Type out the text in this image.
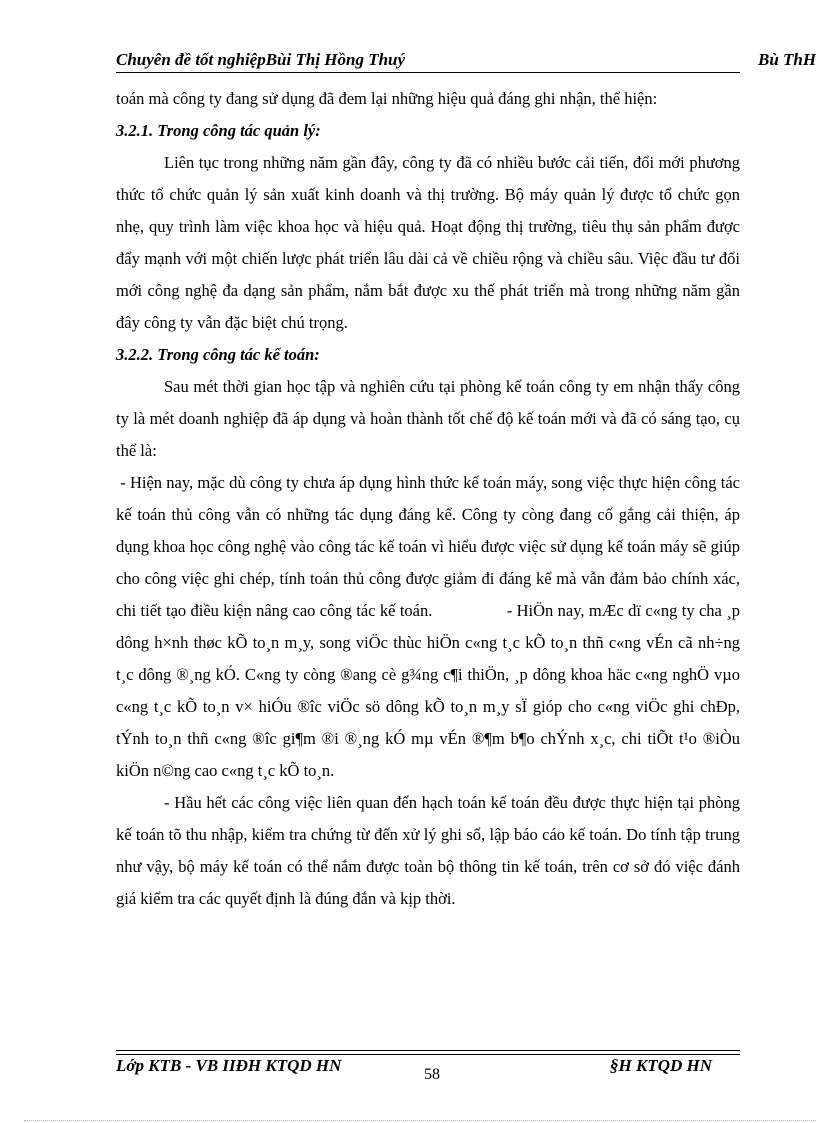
Chuyên đề tốt nghiệpBùi Thị Hồng Thuý	Bù ThH

toán mà công ty đang sử dụng đã đem lại những hiệu quả đáng ghi nhận, thể hiện:

3.2.1. Trong công tác quản lý:

Liên tục trong những năm gần đây, công ty đã có nhiều bước cải tiến, đổi mới phương thức tổ chức quản lý sản xuất kinh doanh và thị trường. Bộ máy quản lý được tổ chức gọn nhẹ, quy trình làm việc khoa học và hiệu quả. Hoạt động thị trường, tiêu thụ sản phẩm được đẩy mạnh với một chiến lược phát triển lâu dài cả về chiều rộng và chiều sâu. Việc đầu tư đổi mới công nghệ đa dạng sản phẩm, nắm bắt được xu thế phát triển mà trong những năm gần đây công ty vẫn đặc biệt chú trọng.

3.2.2. Trong công tác kế toán:

Sau mét thời gian học tập và nghiên cứu tại phòng kế toán công ty em nhận thấy công ty là mét doanh nghiệp đã áp dụng và hoàn thành tốt chế độ kế toán mới và đã có sáng tạo, cụ thể là:

- Hiện nay, mặc dù công ty chưa áp dụng hình thức kế toán máy, song việc thực hiện công tác kế toán thủ công vẫn có những tác dụng đáng kể. Công ty còng đang cố gắng cải thiện, áp dụng khoa học công nghệ vào công tác kế toán vì hiểu được việc sử dụng kế toán máy sẽ giúp cho công việc ghi chép, tính toán thủ công được giảm đi đáng kể mà vẫn đảm bảo chính xác, chi tiết tạo điều kiện nâng cao công tác kế toán.                 - HiÖn nay, mÆc dï c«ng ty cha ¸p dông h×nh thøc kÕ to¸n m¸y, song viÖc thùc hiÖn c«ng t¸c kÕ to¸n thñ c«ng vÉn cã nh÷ng t¸c dông ®¸ng kÓ. C«ng ty còng ®ang cè g¾ng c¶i thiÖn, ¸p dông khoa häc c«ng nghÖ vµo c«ng t¸c kÕ to¸n v× hiÓu ®îc viÖc sö dông kÕ to¸n m¸y sÏ gióp cho c«ng viÖc ghi chÐp, tÝnh to¸n thñ c«ng ®îc gi¶m ®i ®¸ng kÓ mµ vÉn ®¶m b¶o chÝnh x¸c, chi tiÕt t¹o ®iÒu kiÖn n©ng cao c«ng t¸c kÕ to¸n.

- Hầu hết các công việc liên quan đến hạch toán kế toán đều được thực hiện tại phòng kế toán tõ thu nhập, kiểm tra chứng từ đến xử lý ghi sổ, lập báo cáo kế toán. Do tính tập trung như vậy, bộ máy kế toán có thể nắm được toàn bộ thông tin kế toán, trên cơ sở đó việc đánh giá kiểm tra các quyết định là đúng đắn và kịp thời.

Lớp KTB - VB IIĐH KTQD HN	58	§H KTQD HN
